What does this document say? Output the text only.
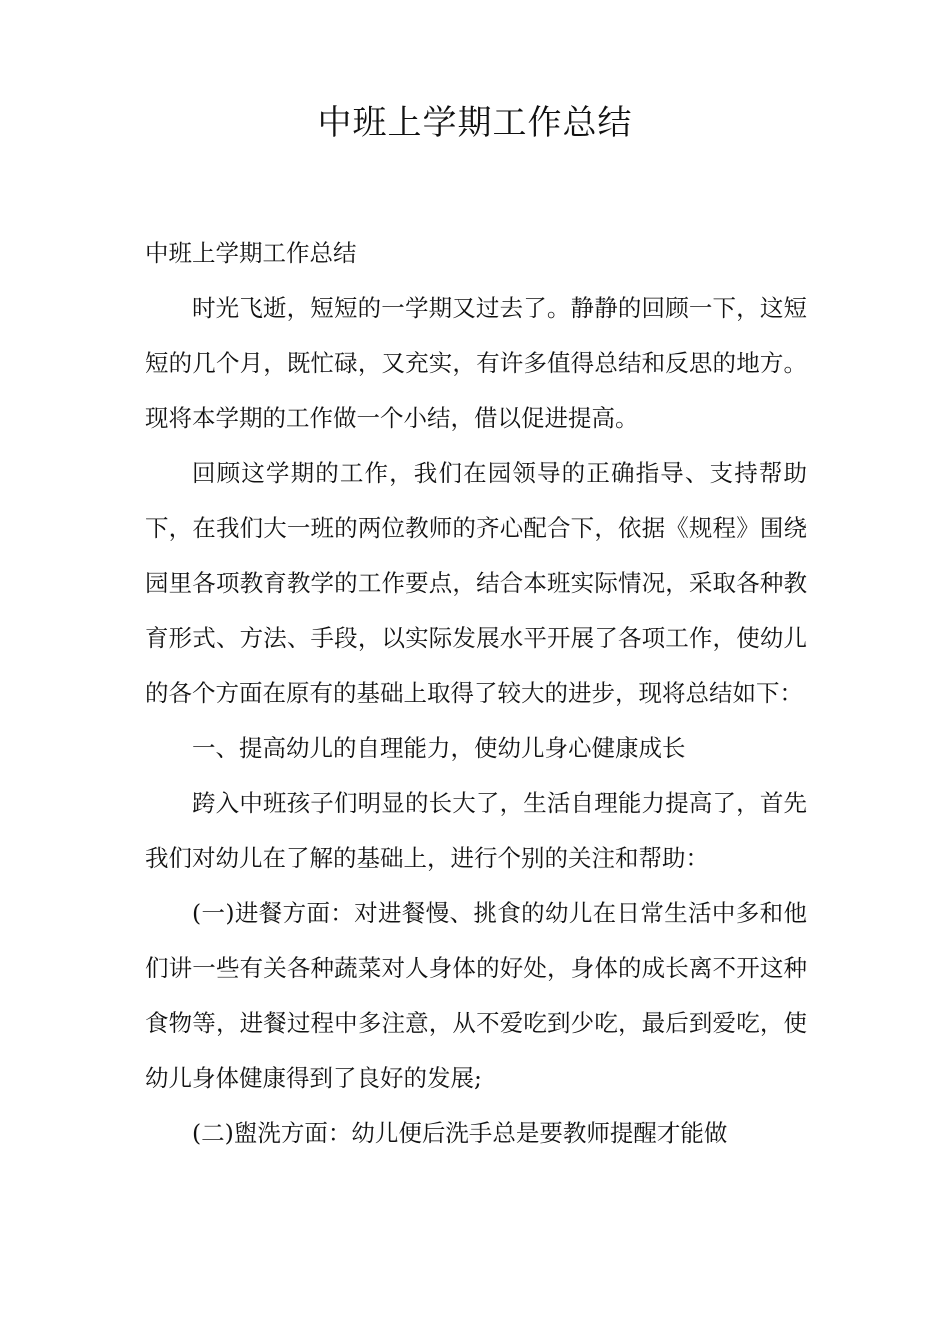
中班上学期工作总结

中班上学期工作总结

时光飞逝，短短的一学期又过去了。静静的回顾一下，这短短的几个月，既忙碌，又充实，有许多值得总结和反思的地方。现将本学期的工作做一个小结，借以促进提高。

回顾这学期的工作，我们在园领导的正确指导、支持帮助下，在我们大一班的两位教师的齐心配合下，依据《规程》围绕园里各项教育教学的工作要点，结合本班实际情况，采取各种教育形式、方法、手段，以实际发展水平开展了各项工作，使幼儿的各个方面在原有的基础上取得了较大的进步，现将总结如下：

一、提高幼儿的自理能力，使幼儿身心健康成长

跨入中班孩子们明显的长大了，生活自理能力提高了，首先我们对幼儿在了解的基础上，进行个别的关注和帮助：

(一)进餐方面：对进餐慢、挑食的幼儿在日常生活中多和他们讲一些有关各种蔬菜对人身体的好处，身体的成长离不开这种食物等，进餐过程中多注意，从不爱吃到少吃，最后到爱吃，使幼儿身体健康得到了良好的发展;

(二)盥洗方面：幼儿便后洗手总是要教师提醒才能做
